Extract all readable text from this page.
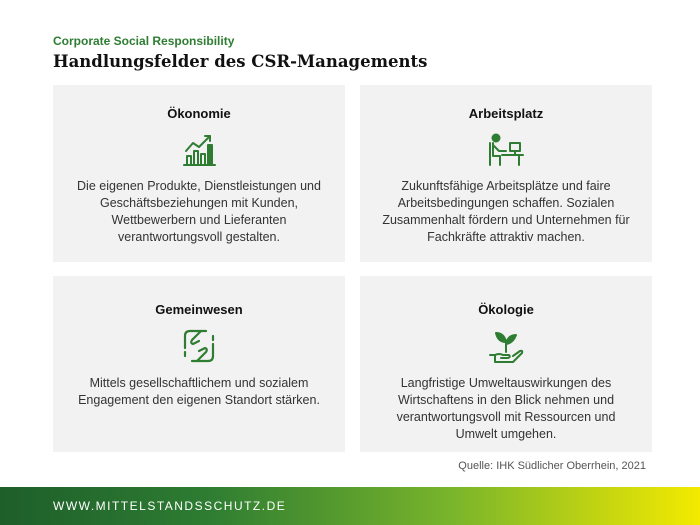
Corporate Social Responsibility
Handlungsfelder des CSR-Managements
Ökonomie
Die eigenen Produkte, Dienstleistungen und Geschäftsbeziehungen mit Kunden, Wettbewerbern und Lieferanten verantwortungsvoll gestalten.
Arbeitsplatz
Zukunftsfähige Arbeitsplätze und faire Arbeitsbedingungen schaffen. Sozialen Zusammenhalt fördern und Unternehmen für Fachkräfte attraktiv machen.
Gemeinwesen
Mittels gesellschaftlichem und sozialem Engagement den eigenen Standort stärken.
Ökologie
Langfristige Umweltauswirkungen des Wirtschaftens in den Blick nehmen und verantwortungsvoll mit Ressourcen und Umwelt umgehen.
Quelle: IHK Südlicher Oberrhein, 2021
WWW.MITTELSTANDSSCHUTZ.DE
